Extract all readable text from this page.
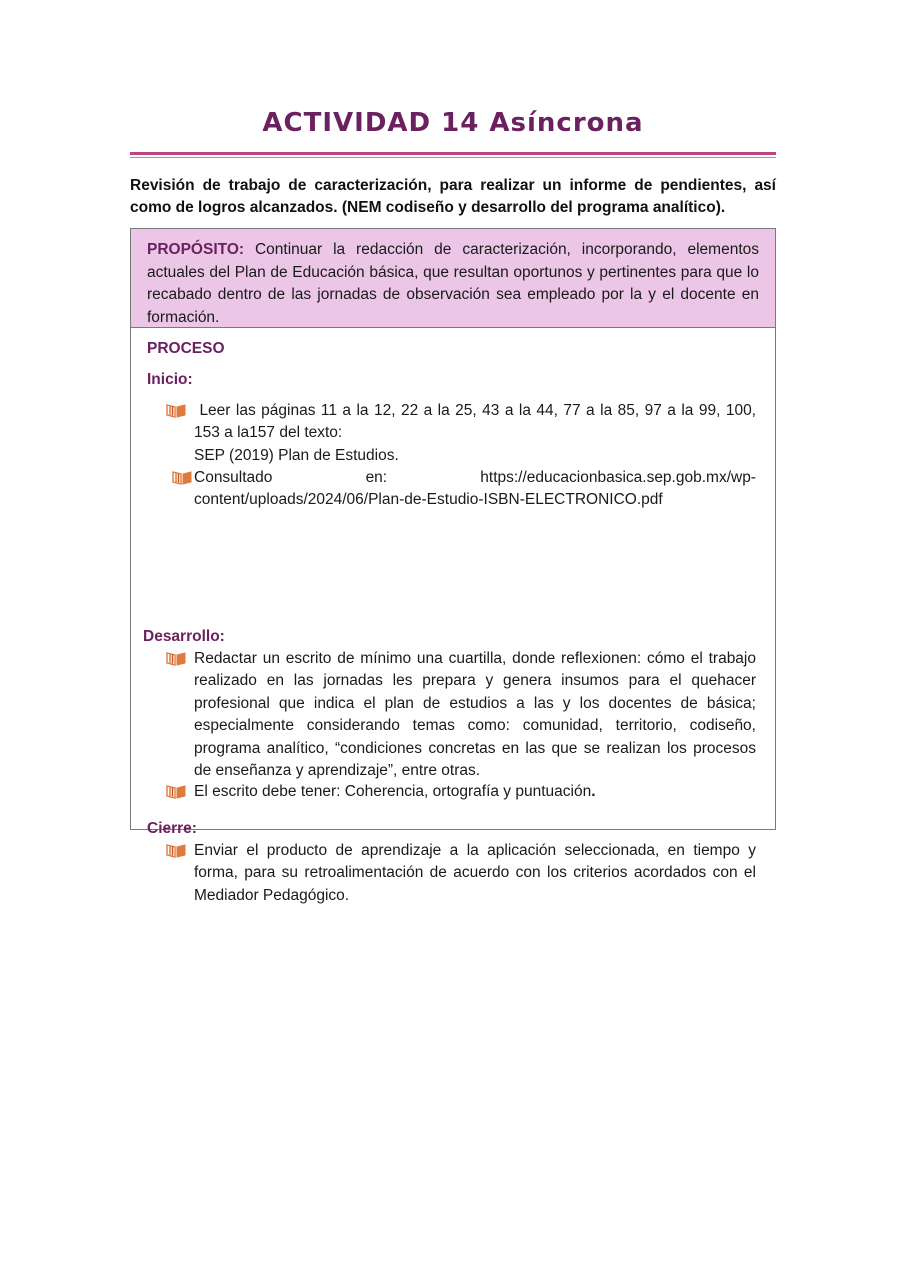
ACTIVIDAD 14 Asíncrona
Revisión de trabajo de caracterización, para realizar un informe de pendientes, así como de logros alcanzados. (NEM codiseño y desarrollo del programa analítico).
PROPÓSITO: Continuar la redacción de caracterización, incorporando, elementos actuales del Plan de Educación básica, que resultan oportunos y pertinentes para que lo recabado dentro de las jornadas de observación sea empleado por la y el docente en formación.
PROCESO
Inicio:
Leer las páginas 11 a la 12, 22 a la 25, 43 a la 44, 77 a la 85, 97 a la 99, 100, 153 a la157 del texto:
SEP (2019) Plan de Estudios.
Consultado	en:	https://educacionbasica.sep.gob.mx/wp-
content/uploads/2024/06/Plan-de-Estudio-ISBN-ELECTRONICO.pdf
Desarrollo:
Redactar un escrito de mínimo una cuartilla, donde reflexionen: cómo el trabajo realizado en las jornadas les prepara y genera insumos para el quehacer profesional que indica el plan de estudios a las y los docentes de básica; especialmente considerando temas como: comunidad, territorio, codiseño, programa analítico, “condiciones concretas en las que se realizan los procesos de enseñanza y aprendizaje”, entre otras.
El escrito debe tener: Coherencia, ortografía y puntuación.
Cierre:
Enviar el producto de aprendizaje a la aplicación seleccionada, en tiempo y forma, para su retroalimentación de acuerdo con los criterios acordados con el Mediador Pedagógico.
